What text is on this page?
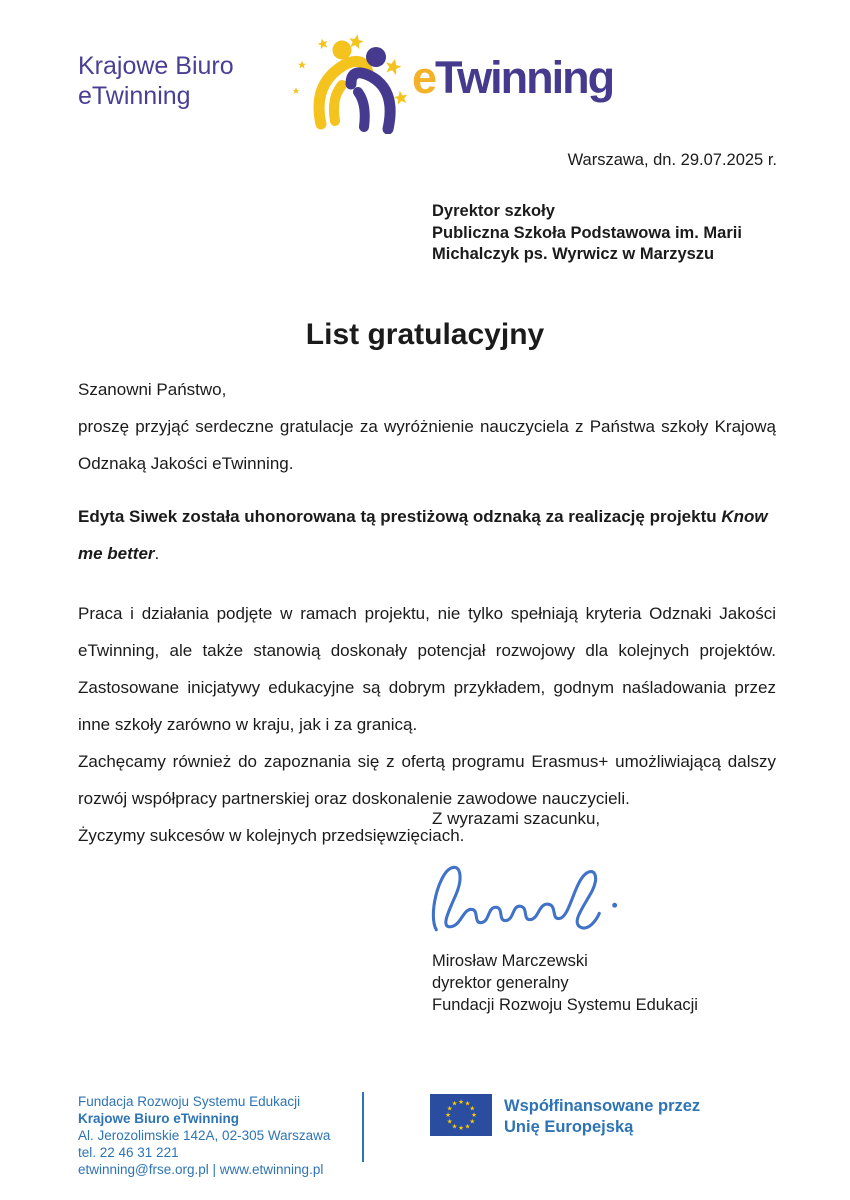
Krajowe Biuro
eTwinning	eTwinning
Warszawa, dn. 29.07.2025 r.
Dyrektor szkoły
Publiczna Szkoła Podstawowa im. Marii
Michalczyk ps. Wyrwicz w Marzyszu
List gratulacyjny

Szanowni Państwo,

proszę przyjąć serdeczne gratulacje za wyróżnienie nauczyciela z Państwa szkoły Krajową Odznaką Jakości eTwinning.

Edyta Siwek została uhonorowana tą prestiżową odznaką za realizację projektu Know me better.

Praca i działania podjęte w ramach projektu, nie tylko spełniają kryteria Odznaki Jakości eTwinning, ale także stanowią doskonały potencjał rozwojowy dla kolejnych projektów. Zastosowane inicjatywy edukacyjne są dobrym przykładem, godnym naśladowania przez inne szkoły zarówno w kraju, jak i za granicą.

Zachęcamy również do zapoznania się z ofertą programu Erasmus+ umożliwiającą dalszy rozwój współpracy partnerskiej oraz doskonalenie zawodowe nauczycieli.

Życzymy sukcesów w kolejnych przedsięwzięciach.

Z wyrazami szacunku,
Mirosław Marczewski
dyrektor generalny
Fundacji Rozwoju Systemu Edukacji
Fundacja Rozwoju Systemu Edukacji
Krajowe Biuro eTwinning
Al. Jerozolimskie 142A, 02-305 Warszawa
tel. 22 46 31 221
etwinning@frse.org.pl | www.etwinning.pl
★ ★
★
★
★
★
★
★
★
★
★
★	Współfinansowane przez
Unię Europejską
